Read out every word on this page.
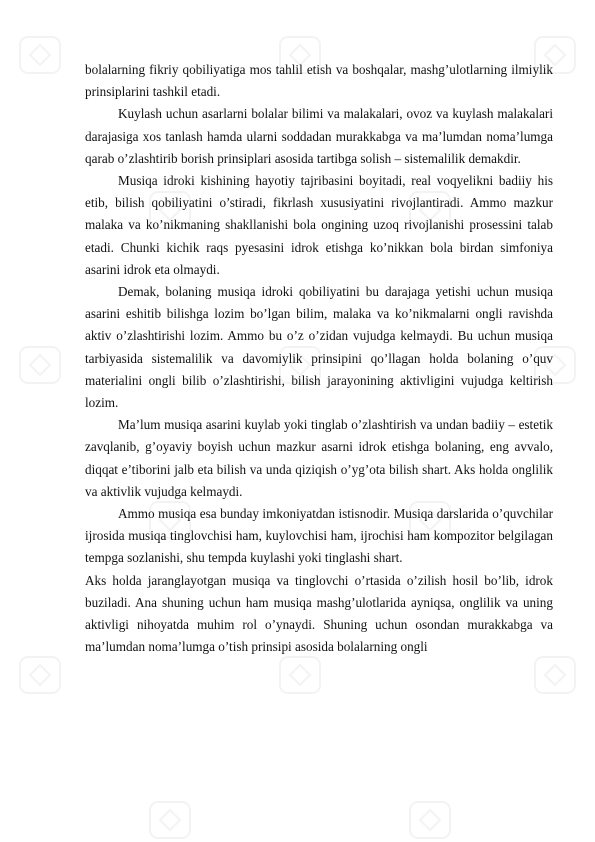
bolalarning fikriy qobiliyatiga mos tahlil etish va boshqalar, mashg’ulotlarning ilmiylik prinsiplarini tashkil etadi.

Kuylash uchun asarlarni bolalar bilimi va malakalari, ovoz va kuylash malakalari darajasiga xos tanlash hamda ularni soddadan murakkabga va ma’lumdan noma’lumga qarab o’zlashtirib borish prinsiplari asosida tartibga solish – sistemalilik demakdir.

Musiqa idroki kishining hayotiy tajribasini boyitadi, real voqyelikni badiiy his etib, bilish qobiliyatini o’stiradi, fikrlash xususiyatini rivojlantiradi. Ammo mazkur malaka va ko’nikmaning shakllanishi bola ongining uzoq rivojlanishi prosessini talab etadi. Chunki kichik raqs pyesasini idrok etishga ko’nikkan bola birdan simfoniya asarini idrok eta olmaydi.

Demak, bolaning musiqa idroki qobiliyatini bu darajaga yetishi uchun musiqa asarini eshitib bilishga lozim bo’lgan bilim, malaka va ko’nikmalarni ongli ravishda aktiv o’zlashtirishi lozim. Ammo bu o’z o’zidan vujudga kelmaydi. Bu uchun musiqa tarbiyasida sistemalilik va davomiylik prinsipini qo’llagan holda bolaning o’quv materialini ongli bilib o’zlashtirishi, bilish jarayonining aktivligini vujudga keltirish lozim.

Ma’lum musiqa asarini kuylab yoki tinglab o’zlashtirish va undan badiiy – estetik zavqlanib, g’oyaviy boyish uchun mazkur asarni idrok etishga bolaning, eng avvalo, diqqat e’tiborini jalb eta bilish va unda qiziqish o’yg’ota bilish shart. Aks holda onglilik va aktivlik vujudga kelmaydi.

Ammo musiqa esa bunday imkoniyatdan istisnodir. Musiqa darslarida o’quvchilar ijrosida musiqa tinglovchisi ham, kuylovchisi ham, ijrochisi ham kompozitor belgilagan tempga sozlanishi, shu tempda kuylashi yoki tinglashi shart.

Aks holda jaranglayotgan musiqa va tinglovchi o’rtasida o’zilish hosil bo’lib, idrok buziladi. Ana shuning uchun ham musiqa mashg’ulotlarida ayniqsa, onglilik va uning aktivligi nihoyatda muhim rol o’ynaydi. Shuning uchun osondan murakkabga va ma’lumdan noma’lumga o’tish prinsipi asosida bolalarning ongli
